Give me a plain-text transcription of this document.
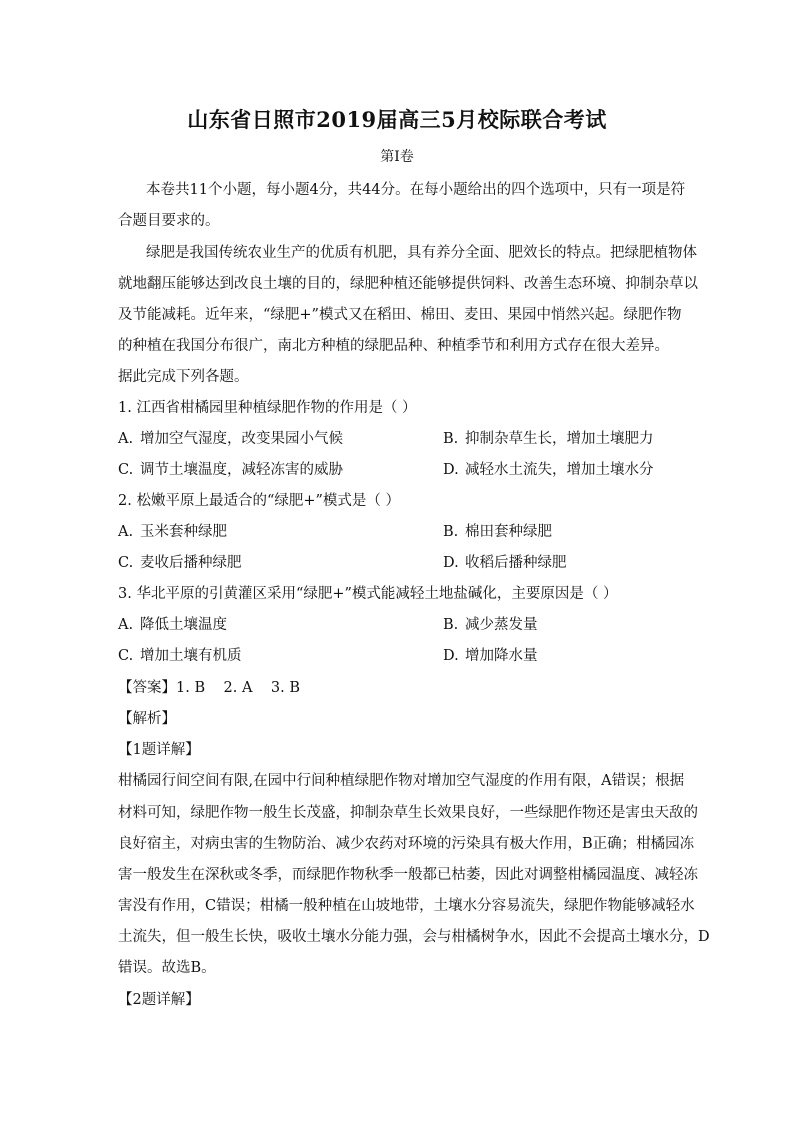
山东省日照市2019届高三5月校际联合考试
第I卷
本卷共11个小题，每小题4分，共44分。在每小题给出的四个选项中，只有一项是符
合题目要求的。
绿肥是我国传统农业生产的优质有机肥，具有养分全面、肥效长的特点。把绿肥植物体
就地翻压能够达到改良土壤的目的，绿肥种植还能够提供饲料、改善生态环境、抑制杂草以
及节能减耗。近年来，“绿肥+”模式又在稻田、棉田、麦田、果园中悄然兴起。绿肥作物
的种植在我国分布很广，南北方种植的绿肥品种、种植季节和利用方式存在很大差异。
据此完成下列各题。
1. 江西省柑橘园里种植绿肥作物的作用是（ ）
A. 增加空气湿度，改变果园小气候	B. 抑制杂草生长，增加土壤肥力
C. 调节土壤温度，减轻冻害的威胁	D. 减轻水土流失，增加土壤水分
2. 松嫩平原上最适合的“绿肥+”模式是（ ）
A. 玉米套种绿肥	B. 棉田套种绿肥
C. 麦收后播种绿肥	D. 收稻后播种绿肥
3. 华北平原的引黄灌区采用“绿肥+”模式能减轻土地盐碱化，主要原因是（ ）
A. 降低土壤温度	B. 减少蒸发量
C. 增加土壤有机质	D. 增加降水量
【答案】1. B    2. A    3. B
【解析】
【1题详解】
柑橘园行间空间有限,在园中行间种植绿肥作物对增加空气湿度的作用有限，A错误；根据
材料可知，绿肥作物一般生长茂盛，抑制杂草生长效果良好，一些绿肥作物还是害虫天敌的
良好宿主，对病虫害的生物防治、减少农药对环境的污染具有极大作用，B正确；柑橘园冻
害一般发生在深秋或冬季，而绿肥作物秋季一般都已枯萎，因此对调整柑橘园温度、减轻冻
害没有作用，C错误；柑橘一般种植在山坡地带，土壤水分容易流失，绿肥作物能够减轻水
土流失，但一般生长快，吸收土壤水分能力强，会与柑橘树争水，因此不会提高土壤水分，D
错误。故选B。
【2题详解】
